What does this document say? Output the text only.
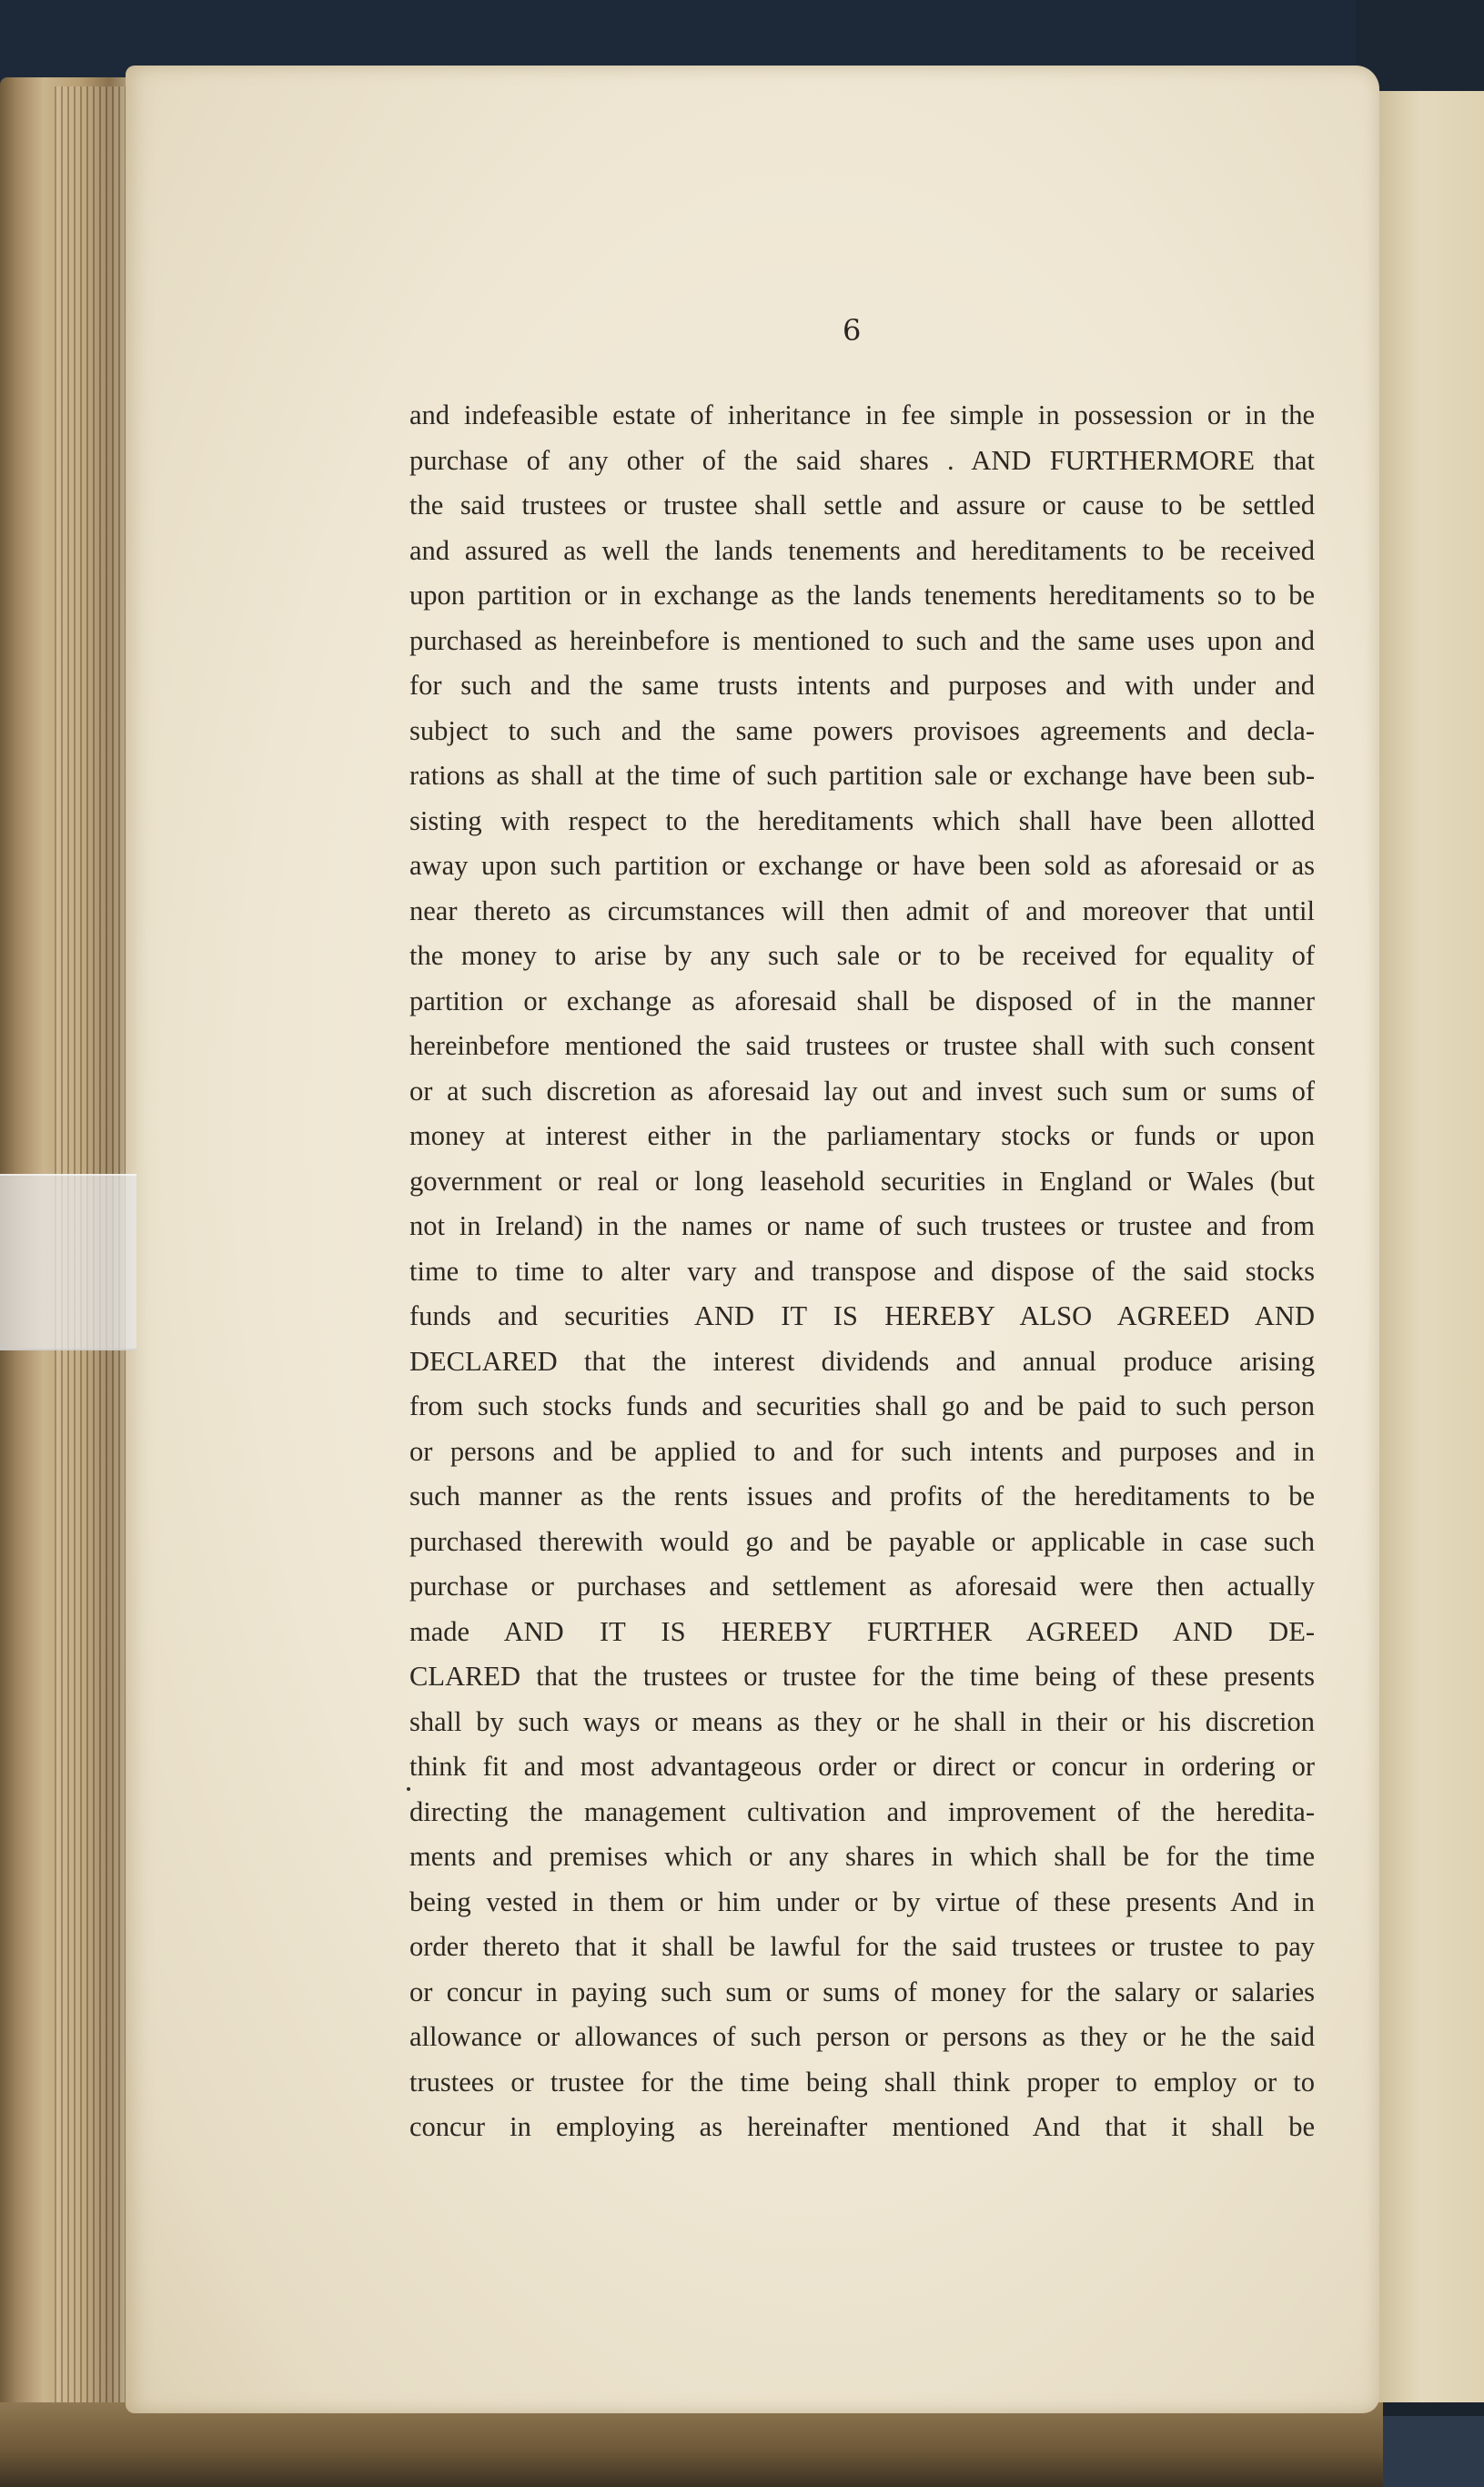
6
and indefeasible estate of inheritance in fee simple in possession or in the
purchase of any other of the said shares . AND FURTHERMORE that
the said trustees or trustee shall settle and assure or cause to be settled
and assured as well the lands tenements and hereditaments to be received
upon partition or in exchange as the lands tenements hereditaments so to be
purchased as hereinbefore is mentioned to such and the same uses upon and
for such and the same trusts intents and purposes and with under and
subject to such and the same powers provisoes agreements and decla-
rations as shall at the time of such partition sale or exchange have been sub-
sisting with respect to the hereditaments which shall have been allotted
away upon such partition or exchange or have been sold as aforesaid or as
near thereto as circumstances will then admit of and moreover that until
the money to arise by any such sale or to be received for equality of
partition or exchange as aforesaid shall be disposed of in the manner
hereinbefore mentioned the said trustees or trustee shall with such consent
or at such discretion as aforesaid lay out and invest such sum or sums of
money at interest either in the parliamentary stocks or funds or upon
government or real or long leasehold securities in England or Wales (but
not in Ireland) in the names or name of such trustees or trustee and from
time to time to alter vary and transpose and dispose of the said stocks
funds and securities AND IT IS HEREBY ALSO AGREED AND
DECLARED that the interest dividends and annual produce arising
from such stocks funds and securities shall go and be paid to such person
or persons and be applied to and for such intents and purposes and in
such manner as the rents issues and profits of the hereditaments to be
purchased therewith would go and be payable or applicable in case such
purchase or purchases and settlement as aforesaid were then actually
made AND IT IS HEREBY FURTHER AGREED AND DE-
CLARED that the trustees or trustee for the time being of these presents
shall by such ways or means as they or he shall in their or his discretion
think fit and most advantageous order or direct or concur in ordering or
directing the management cultivation and improvement of the heredita-
ments and premises which or any shares in which shall be for the time
being vested in them or him under or by virtue of these presents And in
order thereto that it shall be lawful for the said trustees or trustee to pay
or concur in paying such sum or sums of money for the salary or salaries
allowance or allowances of such person or persons as they or he the said
trustees or trustee for the time being shall think proper to employ or to
concur in employing as hereinafter mentioned And that it shall be
